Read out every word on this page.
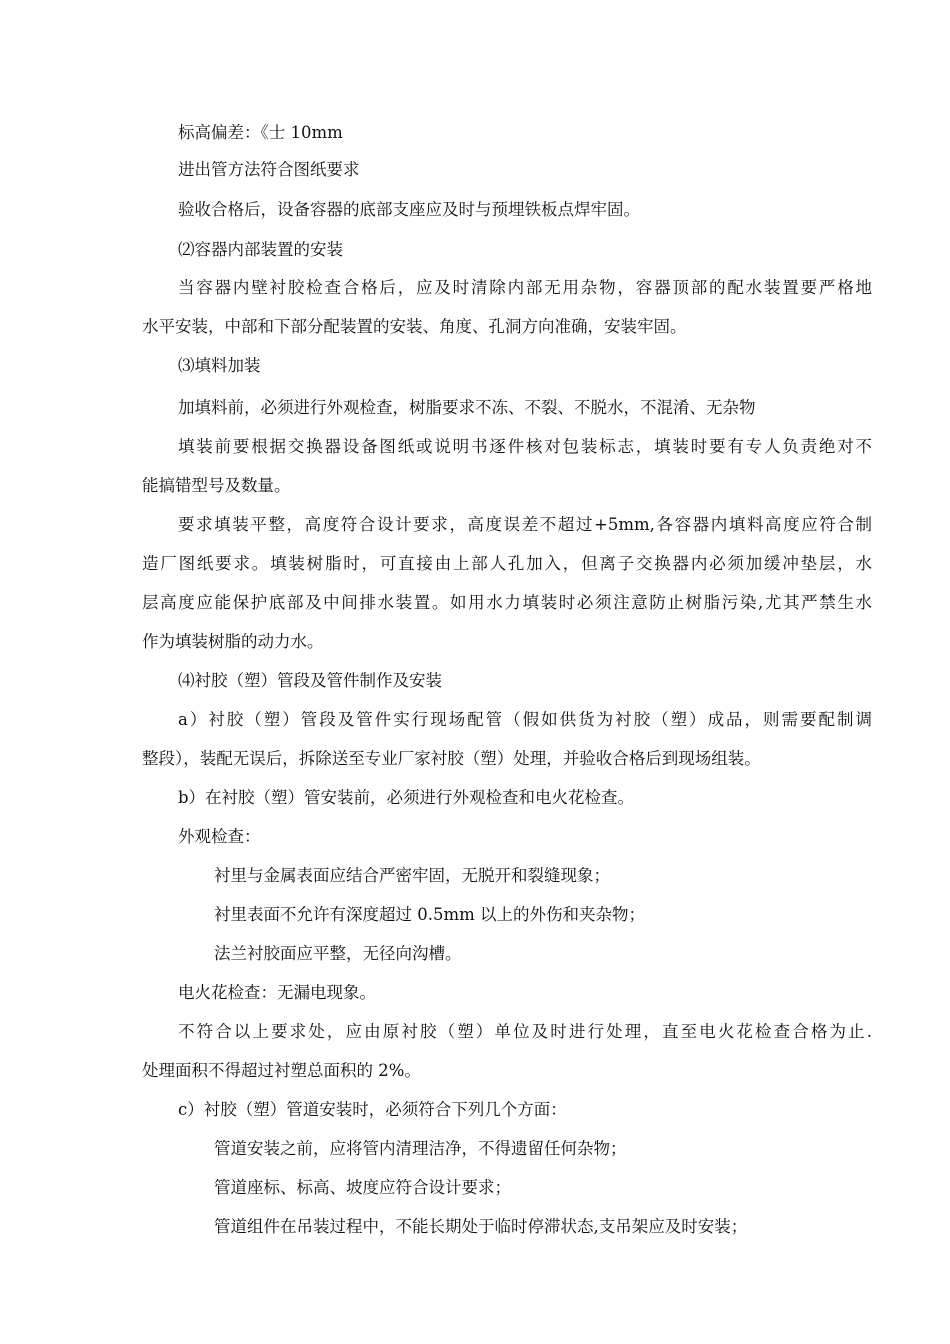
标高偏差：《士 10mm
进出管方法符合图纸要求
验收合格后，设备容器的底部支座应及时与预埋铁板点焊牢固。
⑵容器内部装置的安装
当容器内壁衬胶检查合格后，应及时清除内部无用杂物，容器顶部的配水装置要严格地
水平安装，中部和下部分配装置的安装、角度、孔洞方向准确，安装牢固。
⑶填料加装
加填料前，必须进行外观检查，树脂要求不冻、不裂、不脱水，不混淆、无杂物
填装前要根据交换器设备图纸或说明书逐件核对包装标志，填装时要有专人负责绝对不
能搞错型号及数量。
要求填装平整，高度符合设计要求，高度误差不超过+5mm,各容器内填料高度应符合制
造厂图纸要求。填装树脂时，可直接由上部人孔加入，但离子交换器内必须加缓冲垫层，水
层高度应能保护底部及中间排水装置。如用水力填装时必须注意防止树脂污染,尤其严禁生水
作为填装树脂的动力水。
⑷衬胶（塑）管段及管件制作及安装
a）衬胶（塑）管段及管件实行现场配管（假如供货为衬胶（塑）成品，则需要配制调
整段），装配无误后，拆除送至专业厂家衬胶（塑）处理，并验收合格后到现场组装。
b）在衬胶（塑）管安装前，必须进行外观检查和电火花检查。
外观检查：
衬里与金属表面应结合严密牢固，无脱开和裂缝现象；
衬里表面不允许有深度超过 0.5mm 以上的外伤和夹杂物；
法兰衬胶面应平整，无径向沟槽。
电火花检查：无漏电现象。
不符合以上要求处，应由原衬胶（塑）单位及时进行处理，直至电火花检查合格为止.
处理面积不得超过衬塑总面积的 2%。
c）衬胶（塑）管道安装时，必须符合下列几个方面：
管道安装之前，应将管内清理洁净，不得遗留任何杂物；
管道座标、标高、坡度应符合设计要求；
管道组件在吊装过程中，不能长期处于临时停滞状态,支吊架应及时安装；
